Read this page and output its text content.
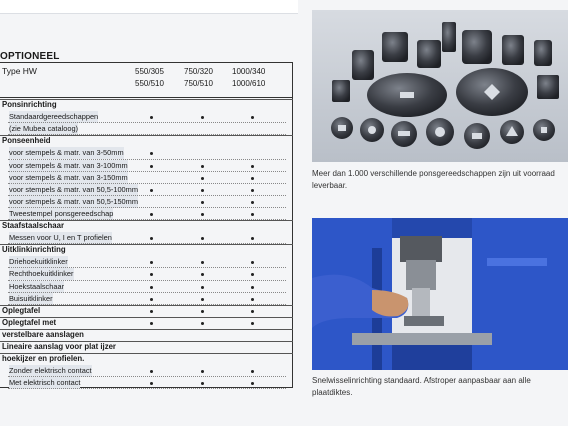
OPTIONEEL
Type HW	550/305
550/510
750/320
750/510
1000/340
1000/610
Ponsinrichting
Standaardgereedschappen
(zie Mubea cataloog)
Ponseenheid
voor stempels & matr. van 3-50mm
voor stempels & matr. van 3-100mm
voor stempels & matr. van 3-150mm
voor stempels & matr. van 50,5-100mm
voor stempels & matr. van 50,5-150mm
Tweestempel ponsgereedschap
Staafstaalschaar
Messen voor U, I en T profielen
Uitklinkinrichting
Driehoekuitklinker
Rechthoekuitklinker
Hoekstaalschaar
Buisuitklinker
Oplegtafel
Oplegtafel met
verstelbare aanslagen
Lineaire aanslag voor plat ijzer
hoekijzer en profielen.
Zonder elektrisch contact
Met elektrisch contact
Meer dan 1.000 verschillende ponsgereedschappen zijn uit voorraad leverbaar.
Snelwisselinrichting standaard. Afstroper aanpasbaar aan alle plaatdiktes.
